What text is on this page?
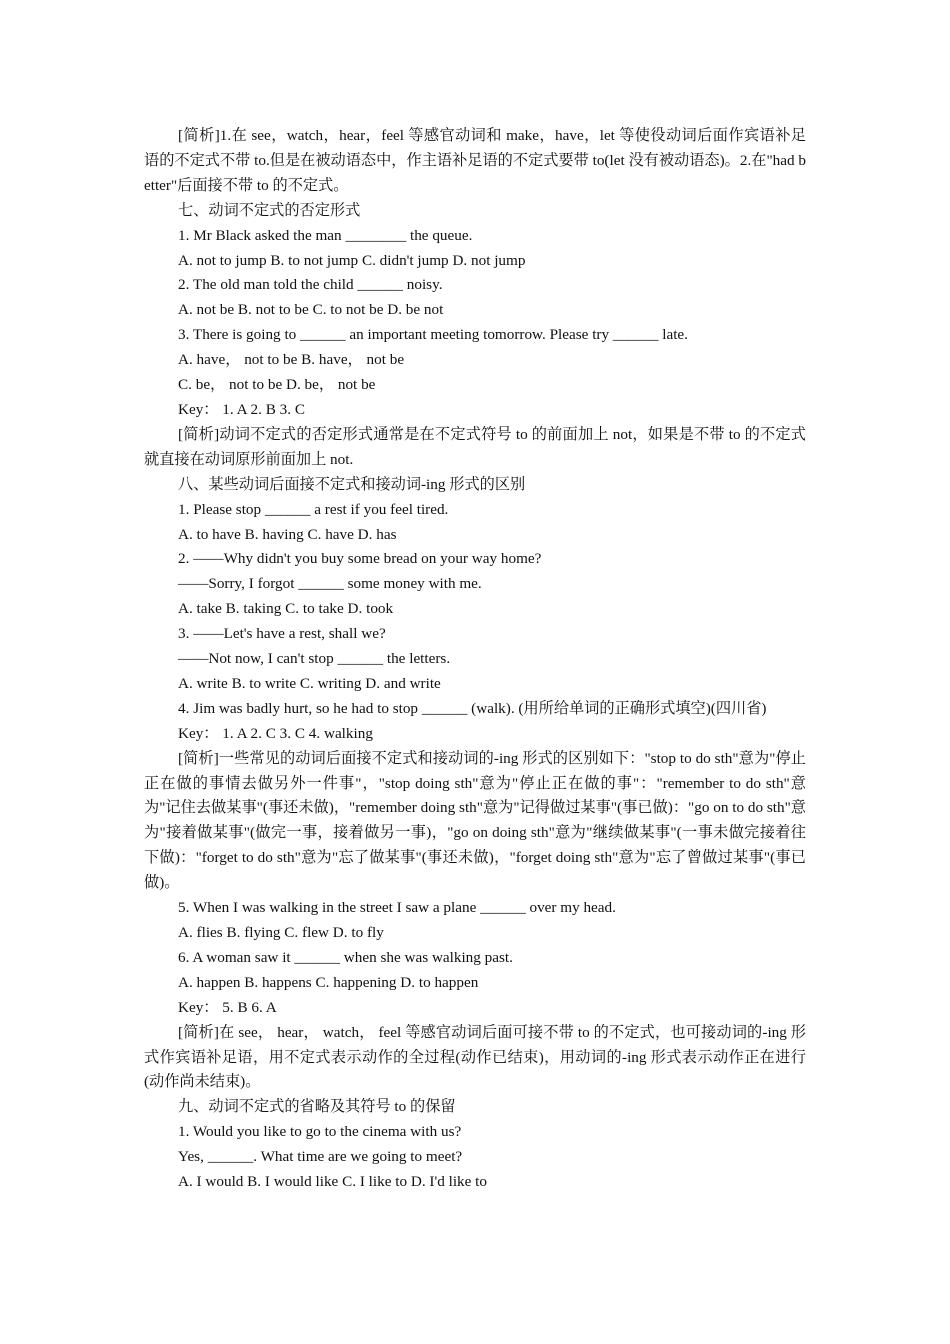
[简析]1.在 see，watch，hear，feel 等感官动词和 make，have，let 等使役动词后面作宾语补足语的不定式不带 to.但是在被动语态中，作主语补足语的不定式要带 to(let 没有被动语态)。2.在"had better"后面接不带 to 的不定式。

七、动词不定式的否定形式

1. Mr Black asked the man ________ the queue.

A. not to jump B. to not jump C. didn't jump D. not jump

2. The old man told the child ______ noisy.

A. not be B. not to be C. to not be D. be not

3. There is going to ______ an important meeting tomorrow. Please try ______ late.

A. have， not to be B. have， not be

C. be， not to be D. be， not be

Key： 1. A 2. B 3. C

[简析]动词不定式的否定形式通常是在不定式符号 to 的前面加上 not，如果是不带 to 的不定式就直接在动词原形前面加上 not.

八、某些动词后面接不定式和接动词-ing 形式的区别

1. Please stop ______ a rest if you feel tired.

A. to have B. having C. have D. has

2. ——Why didn't you buy some bread on your way home?

——Sorry, I forgot ______ some money with me.

A. take B. taking C. to take D. took

3. ——Let's have a rest, shall we?

——Not now, I can't stop ______ the letters.

A. write B. to write C. writing D. and write

4. Jim was badly hurt, so he had to stop ______ (walk). (用所给单词的正确形式填空)(四川省)

Key： 1. A 2. C 3. C 4. walking

[简析]一些常见的动词后面接不定式和接动词的-ing 形式的区别如下："stop to do sth"意为"停止正在做的事情去做另外一件事"，"stop doing sth"意为"停止正在做的事"："remember to do sth"意为"记住去做某事"(事还未做)，"remember doing sth"意为"记得做过某事"(事已做)："go on to do sth"意为"接着做某事"(做完一事，接着做另一事)，"go on doing sth"意为"继续做某事"(一事未做完接着往下做)："forget to do sth"意为"忘了做某事"(事还未做)，"forget doing sth"意为"忘了曾做过某事"(事已做)。

5. When I was walking in the street I saw a plane ______ over my head.

A. flies B. flying C. flew D. to fly

6. A woman saw it ______ when she was walking past.

A. happen B. happens C. happening D. to happen

Key： 5. B 6. A

[简析]在 see， hear， watch， feel 等感官动词后面可接不带 to 的不定式，也可接动词的-ing 形式作宾语补足语，用不定式表示动作的全过程(动作已结束)，用动词的-ing 形式表示动作正在进行(动作尚未结束)。

九、动词不定式的省略及其符号 to 的保留

1. Would you like to go to the cinema with us?

Yes, ______. What time are we going to meet?

A. I would B. I would like C. I like to D. I'd like to
